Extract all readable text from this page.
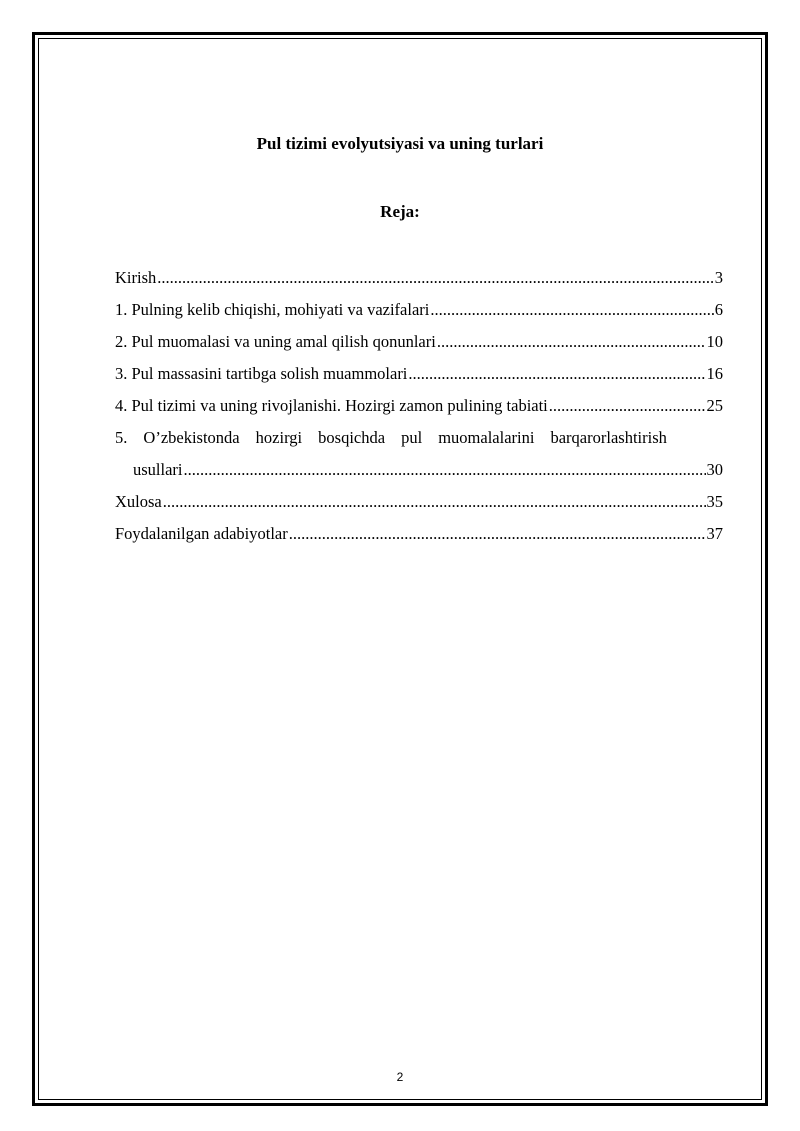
Pul tizimi evolyutsiyasi va uning turlari
Reja:
Kirish .....	3
1. Pulning kelib chiqishi, mohiyati va vazifalari .....	6
2. Pul muomalasi va uning amal qilish qonunlari .....	10
3. Pul massasini tartibga solish muammolari .....	16
4. Pul tizimi va uning rivojlanishi. Hozirgi zamon pulining tabiati .....	25
5. O’zbekistonda hozirgi bosqichda pul muomalalarini barqarorlashtirish
usullari .....	30
Xulosa .....	35
Foydalanilgan adabiyotlar .....	37
2
